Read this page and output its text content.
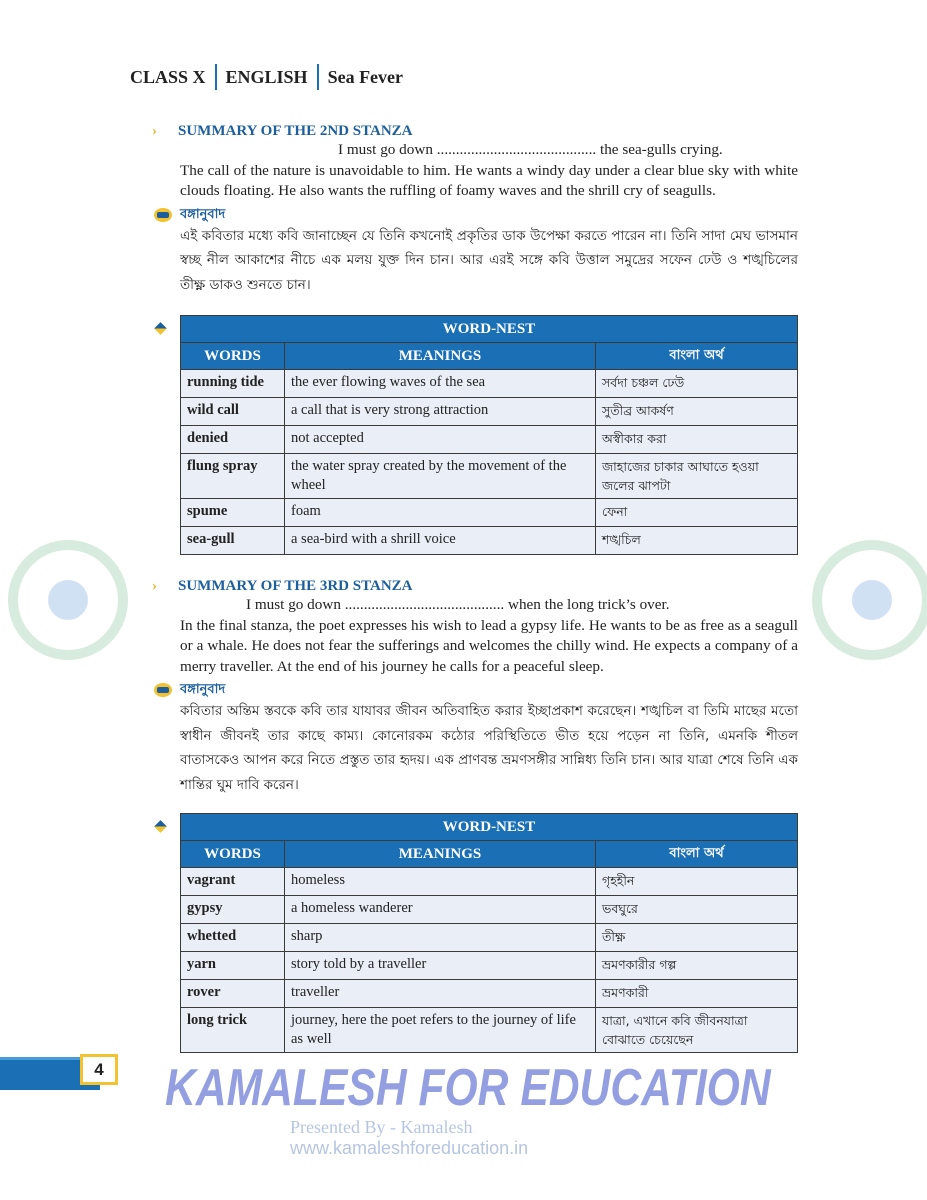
CLASS X ENGLISH Sea Fever
›	SUMMARY OF THE 2ND STANZA
I must go down .......................................... the sea-gulls crying.
The call of the nature is unavoidable to him. He wants a windy day under a clear blue sky with white clouds floating. He also wants the ruffling of foamy waves and the shrill cry of seagulls.
বঙ্গানুবাদ
এই কবিতার মধ্যে কবি জানাচ্ছেন যে তিনি কখনোই প্রকৃতির ডাক উপেক্ষা করতে পারেন না। তিনি সাদা মেঘ ভাসমান স্বচ্ছ নীল আকাশের নীচে এক মলয় যুক্ত দিন চান। আর এরই সঙ্গে কবি উত্তাল সমুদ্রের সফেন ঢেউ ও শঙ্খচিলের তীক্ষ্ণ ডাকও শুনতে চান।
WORD-NEST		
WORDS	MEANINGS	বাংলা অর্থ
running tide	the ever flowing waves of the sea	সর্বদা চঞ্চল ঢেউ
wild call	a call that is very strong attraction	সুতীব্র আকর্ষণ
denied	not accepted	অস্বীকার করা
flung spray	the water spray created by the movement of the wheel	জাহাজের চাকার আঘাতে হওয়া জলের ঝাপটা
spume	foam	ফেনা
sea-gull	a sea-bird with a shrill voice	শঙ্খচিল
›	SUMMARY OF THE 3RD STANZA
I must go down .......................................... when the long trick’s over.
In the final stanza, the poet expresses his wish to lead a gypsy life. He wants to be as free as a seagull or a whale. He does not fear the sufferings and welcomes the chilly wind. He expects a company of a merry traveller. At the end of his journey he calls for a peaceful sleep.
বঙ্গানুবাদ
কবিতার অন্তিম স্তবকে কবি তার যাযাবর জীবন অতিবাহিত করার ইচ্ছাপ্রকাশ করেছেন। শঙ্খচিল বা তিমি মাছের মতো স্বাধীন জীবনই তার কাছে কাম্য। কোনোরকম কঠোর পরিস্থিতিতে ভীত হয়ে পড়েন না তিনি, এমনকি শীতল বাতাসকেও আপন করে নিতে প্রস্তুত তার হৃদয়। এক প্রাণবন্ত ভ্রমণসঙ্গীর সান্নিধ্য তিনি চান। আর যাত্রা শেষে তিনি এক শান্তির ঘুম দাবি করেন।
WORD-NEST		
WORDS	MEANINGS	বাংলা অর্থ
vagrant	homeless	গৃহহীন
gypsy	a homeless wanderer	ভবঘুরে
whetted	sharp	তীক্ষ্ণ
yarn	story told by a traveller	ভ্রমণকারীর গল্প
rover	traveller	ভ্রমণকারী
long trick	journey, here the poet refers to the journey of life as well	যাত্রা, এখানে কবি জীবনযাত্রা বোঝাতে চেয়েছেন
KAMALESH FOR EDUCATION
Presented By - Kamalesh
www.kamaleshforeducation.in
4
